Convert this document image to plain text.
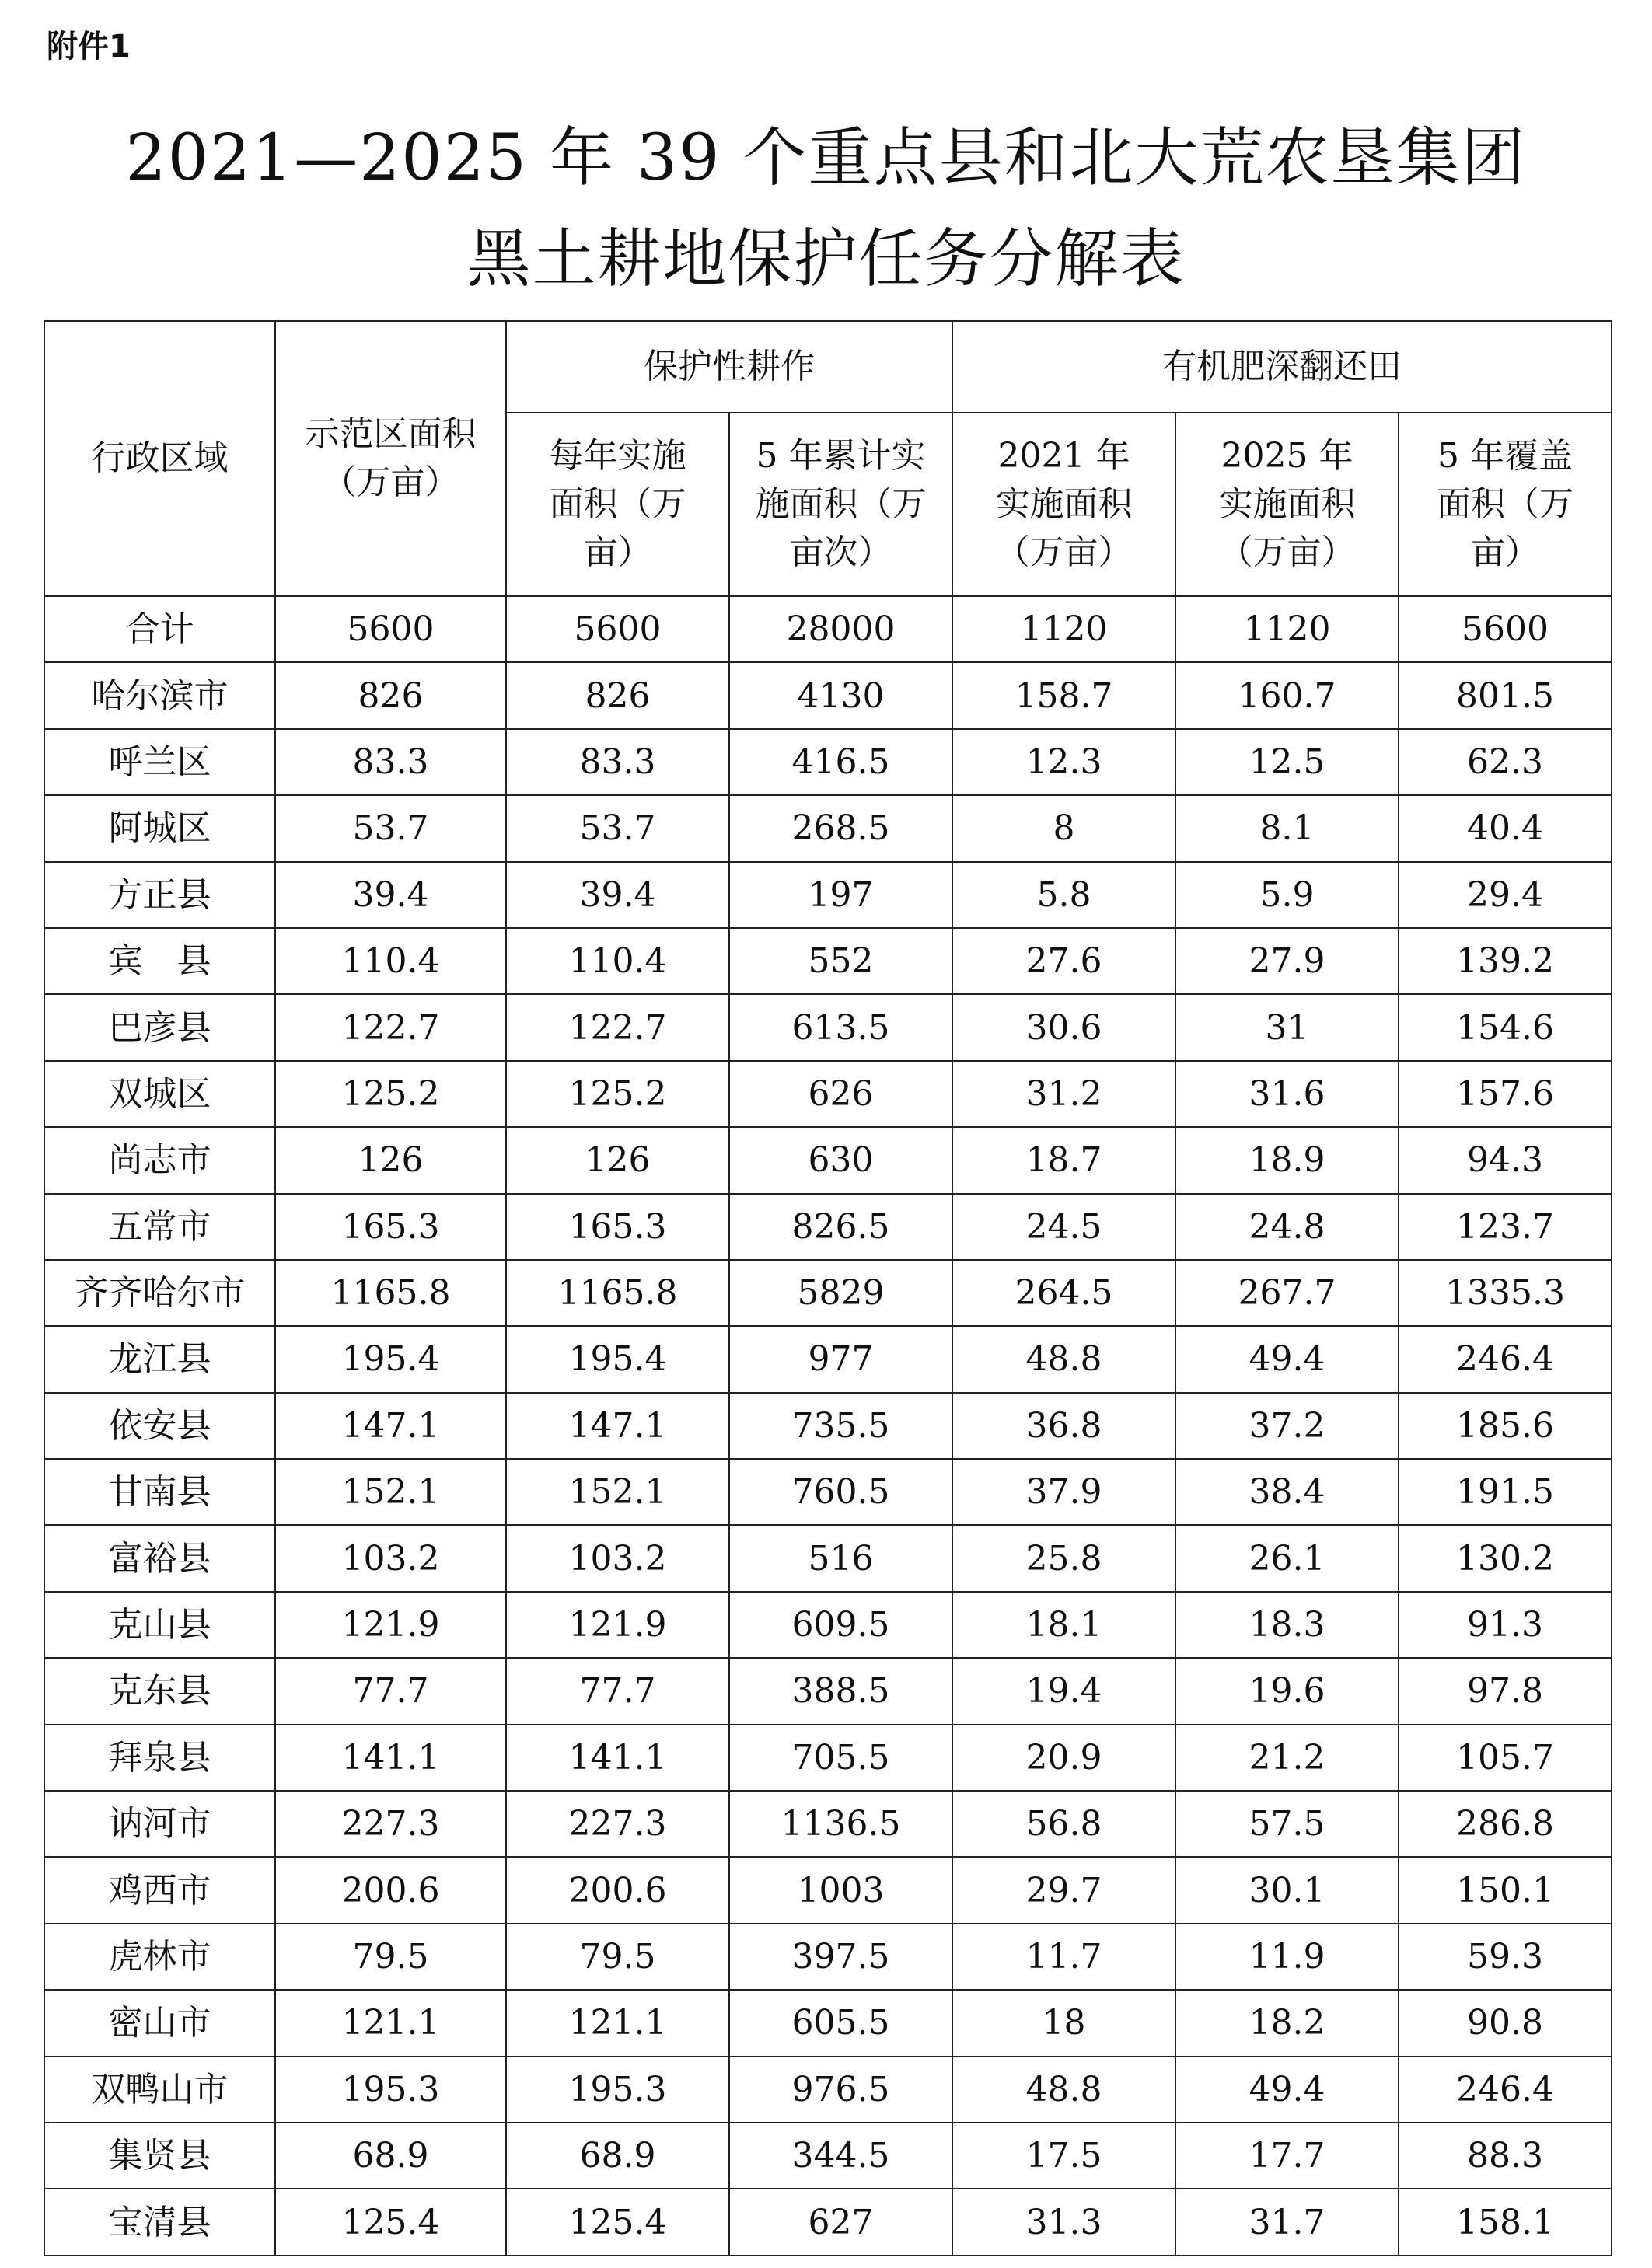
附件1
2021—2025 年 39 个重点县和北大荒农垦集团
黑土耕地保护任务分解表
行政区域	示范区面积（万亩）	保护性耕作		有机肥深翻还田		
		每年实施面积（万亩）	5 年累计实施面积（万亩次）	2021 年实施面积（万亩）	2025 年实施面积（万亩）	5 年覆盖面积（万亩）
合计	5600	5600	28000	1120	1120	5600
哈尔滨市	826	826	4130	158.7	160.7	801.5
呼兰区	83.3	83.3	416.5	12.3	12.5	62.3
阿城区	53.7	53.7	268.5	8	8.1	40.4
方正县	39.4	39.4	197	5.8	5.9	29.4
宾　县	110.4	110.4	552	27.6	27.9	139.2
巴彦县	122.7	122.7	613.5	30.6	31	154.6
双城区	125.2	125.2	626	31.2	31.6	157.6
尚志市	126	126	630	18.7	18.9	94.3
五常市	165.3	165.3	826.5	24.5	24.8	123.7
齐齐哈尔市	1165.8	1165.8	5829	264.5	267.7	1335.3
龙江县	195.4	195.4	977	48.8	49.4	246.4
依安县	147.1	147.1	735.5	36.8	37.2	185.6
甘南县	152.1	152.1	760.5	37.9	38.4	191.5
富裕县	103.2	103.2	516	25.8	26.1	130.2
克山县	121.9	121.9	609.5	18.1	18.3	91.3
克东县	77.7	77.7	388.5	19.4	19.6	97.8
拜泉县	141.1	141.1	705.5	20.9	21.2	105.7
讷河市	227.3	227.3	1136.5	56.8	57.5	286.8
鸡西市	200.6	200.6	1003	29.7	30.1	150.1
虎林市	79.5	79.5	397.5	11.7	11.9	59.3
密山市	121.1	121.1	605.5	18	18.2	90.8
双鸭山市	195.3	195.3	976.5	48.8	49.4	246.4
集贤县	68.9	68.9	344.5	17.5	17.7	88.3
宝清县	125.4	125.4	627	31.3	31.7	158.1
